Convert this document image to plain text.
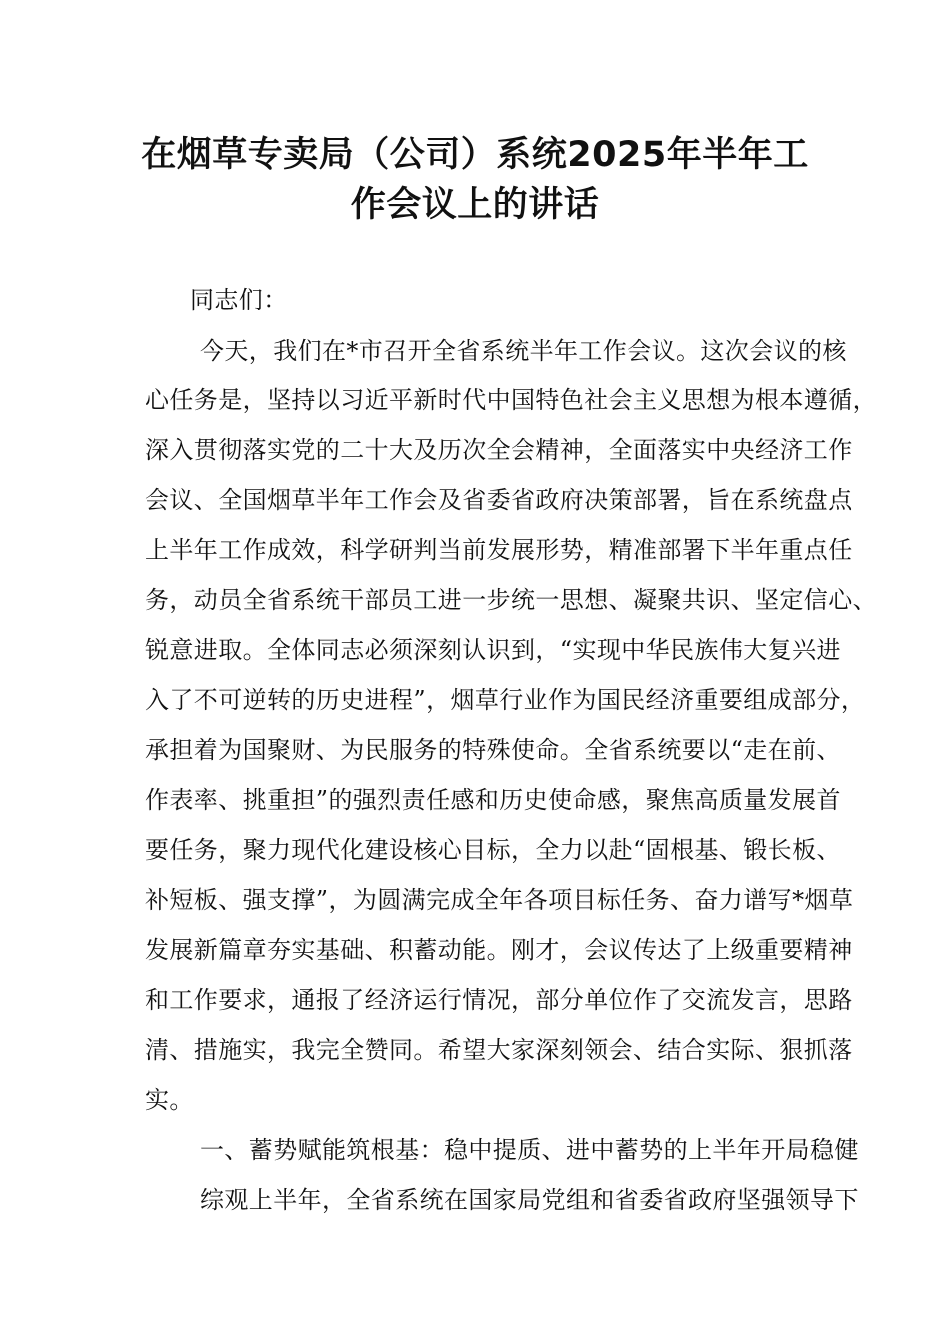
在烟草专卖局（公司）系统2025年半年工
作会议上的讲话
同志们：
今天，我们在*市召开全省系统半年工作会议。这次会议的核
心任务是，坚持以习近平新时代中国特色社会主义思想为根本遵循，
深入贯彻落实党的二十大及历次全会精神，全面落实中央经济工作
会议、全国烟草半年工作会及省委省政府决策部署，旨在系统盘点
上半年工作成效，科学研判当前发展形势，精准部署下半年重点任
务，动员全省系统干部员工进一步统一思想、凝聚共识、坚定信心、
锐意进取。全体同志必须深刻认识到，“实现中华民族伟大复兴进
入了不可逆转的历史进程”，烟草行业作为国民经济重要组成部分，
承担着为国聚财、为民服务的特殊使命。全省系统要以“走在前、
作表率、挑重担”的强烈责任感和历史使命感，聚焦高质量发展首
要任务，聚力现代化建设核心目标，全力以赴“固根基、锻长板、
补短板、强支撑”，为圆满完成全年各项目标任务、奋力谱写*烟草
发展新篇章夯实基础、积蓄动能。刚才，会议传达了上级重要精神
和工作要求，通报了经济运行情况，部分单位作了交流发言，思路
清、措施实，我完全赞同。希望大家深刻领会、结合实际、狠抓落
实。
一、蓄势赋能筑根基：稳中提质、进中蓄势的上半年开局稳健
综观上半年，全省系统在国家局党组和省委省政府坚强领导下
